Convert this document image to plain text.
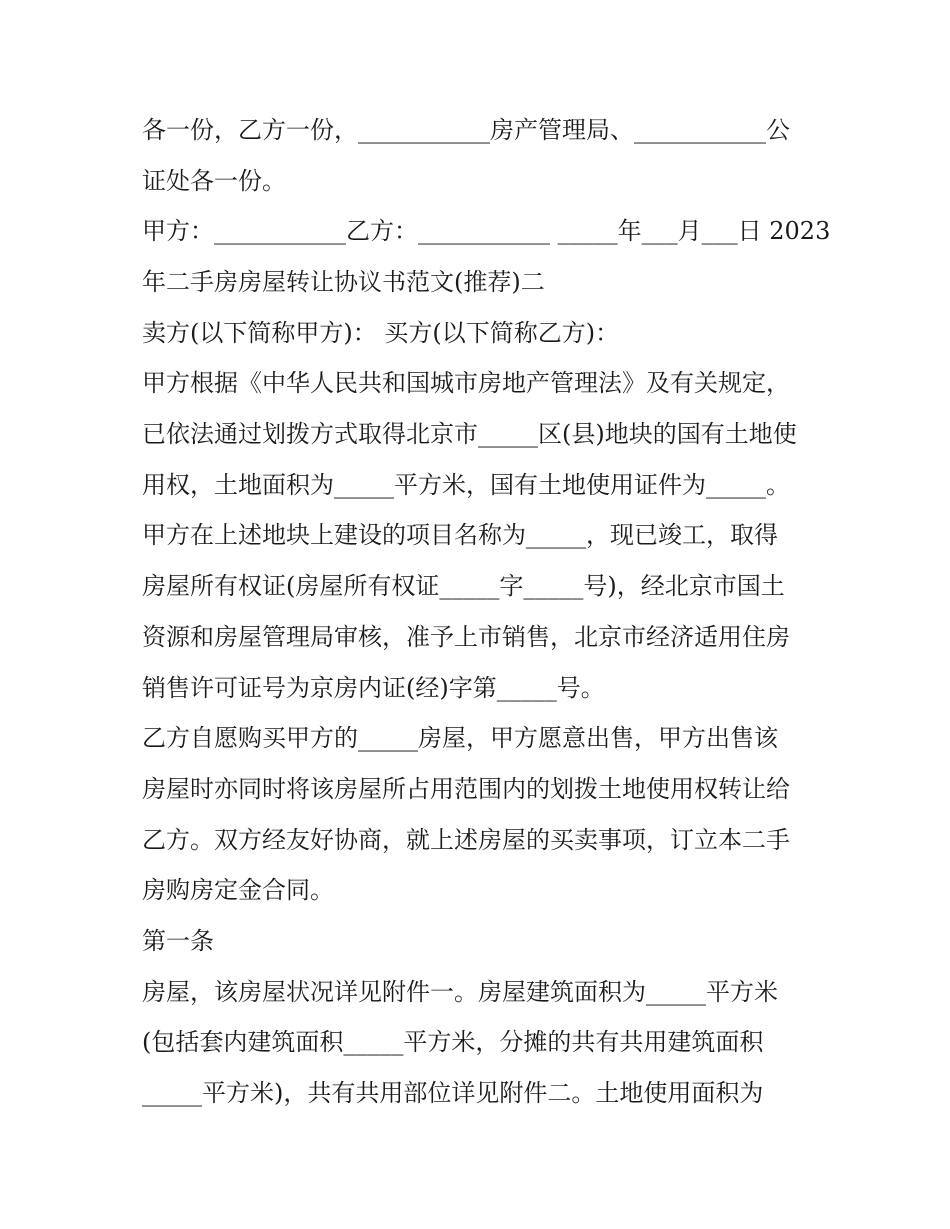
各一份，乙方一份，___________房产管理局、___________公
证处各一份。
甲方：___________乙方：___________ _____年___月___日 2023
年二手房房屋转让协议书范文(推荐)二
卖方(以下简称甲方)： 买方(以下简称乙方)：
甲方根据《中华人民共和国城市房地产管理法》及有关规定，
已依法通过划拨方式取得北京市_____区(县)地块的国有土地使
用权，土地面积为_____平方米，国有土地使用证件为_____。
甲方在上述地块上建设的项目名称为_____，现已竣工，取得
房屋所有权证(房屋所有权证_____字_____号)，经北京市国土
资源和房屋管理局审核，准予上市销售，北京市经济适用住房
销售许可证号为京房内证(经)字第_____号。
乙方自愿购买甲方的_____房屋，甲方愿意出售，甲方出售该
房屋时亦同时将该房屋所占用范围内的划拨土地使用权转让给
乙方。双方经友好协商，就上述房屋的买卖事项，订立本二手
房购房定金合同。
第一条
房屋，该房屋状况详见附件一。房屋建筑面积为_____平方米
(包括套内建筑面积_____平方米，分摊的共有共用建筑面积
_____平方米)，共有共用部位详见附件二。土地使用面积为
